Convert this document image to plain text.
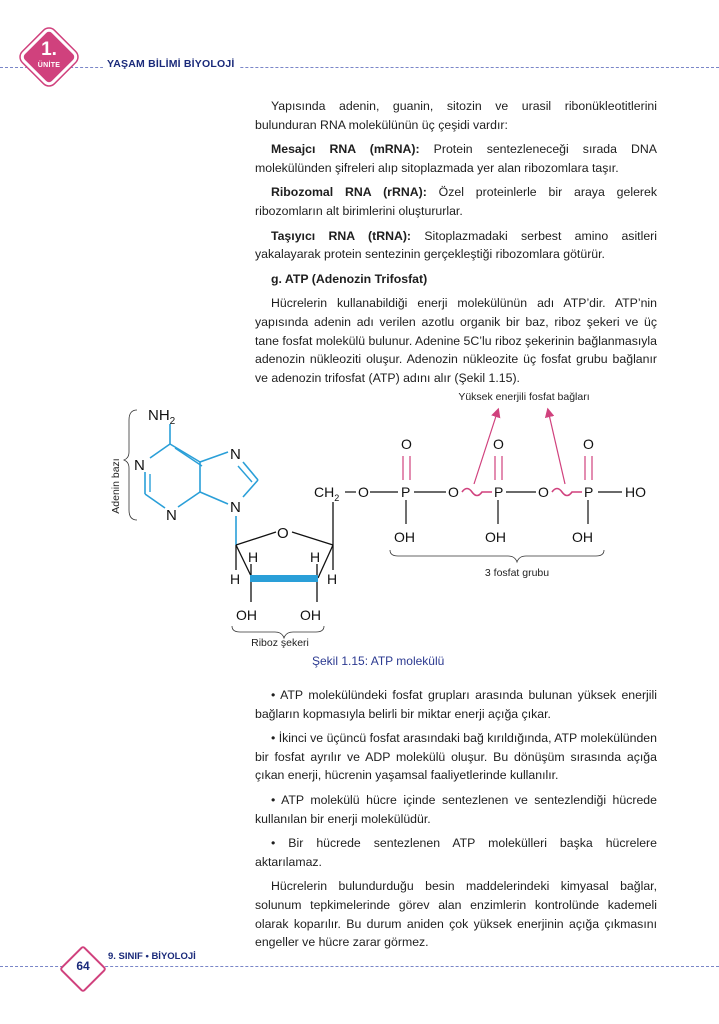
1.
ÜNİTE	YAŞAM BİLİMİ BİYOLOJİ

Yapısında adenin, guanin, sitozin ve urasil ribonükleotitlerini bulunduran RNA molekülünün üç çeşidi vardır:

Mesajcı RNA (mRNA): Protein sentezleneceği sırada DNA molekülünden şifreleri alıp sitoplazmada yer alan ribozomlara taşır.

Ribozomal RNA (rRNA): Özel proteinlerle bir araya gelerek ribozomların alt birimlerini oluştururlar.

Taşıyıcı RNA (tRNA): Sitoplazmadaki serbest amino asitleri yakalayarak protein sentezinin gerçekleştiği ribozomlara götürür.

g. ATP (Adenozin Trifosfat)

Hücrelerin kullanabildiği enerji molekülünün adı ATP’dir. ATP’nin yapısında adenin adı verilen azotlu organik bir baz, riboz şekeri ve üç tane fosfat molekülü bulunur. Adenine 5C’lu riboz şekerinin bağlanmasıyla adenozin nükleoziti oluşur. Adenozin nükleozite üç fosfat grubu bağlanır ve adenozin trifosfat (ATP) adını alır (Şekil 1.15).

Adenin bazı
$NH_2$
N
N
N
N
O
H	H
H	H
OH	OH
Riboz şekeri
$CH_2$ O P
O
OH
O	P
O
OH
O	P
O
OH
HO
Yüksek enerjili fosfat bağları
3 fosfat grubu
Şekil 1.15: ATP molekülü

• ATP molekülündeki fosfat grupları arasında bulunan yüksek enerjili bağların kopmasıyla belirli bir miktar enerji açığa çıkar.

• İkinci ve üçüncü fosfat arasındaki bağ kırıldığında, ATP molekülünden bir fosfat ayrılır ve ADP molekülü oluşur. Bu dönüşüm sırasında açığa çıkan enerji, hücrenin yaşamsal faaliyetlerinde kullanılır.

• ATP molekülü hücre içinde sentezlenen ve sentezlendiği hücrede kullanılan bir enerji molekülüdür.

• Bir hücrede sentezlenen ATP molekülleri başka hücrelere aktarılamaz.

Hücrelerin bulundurduğu besin maddelerindeki kimyasal bağlar, solunum tepkimelerinde görev alan enzimlerin kontrolünde kademeli olarak koparılır. Bu durum aniden çok yüksek enerjinin açığa çıkmasını engeller ve hücre zarar görmez.

64
9. SINIF • BİYOLOJİ
